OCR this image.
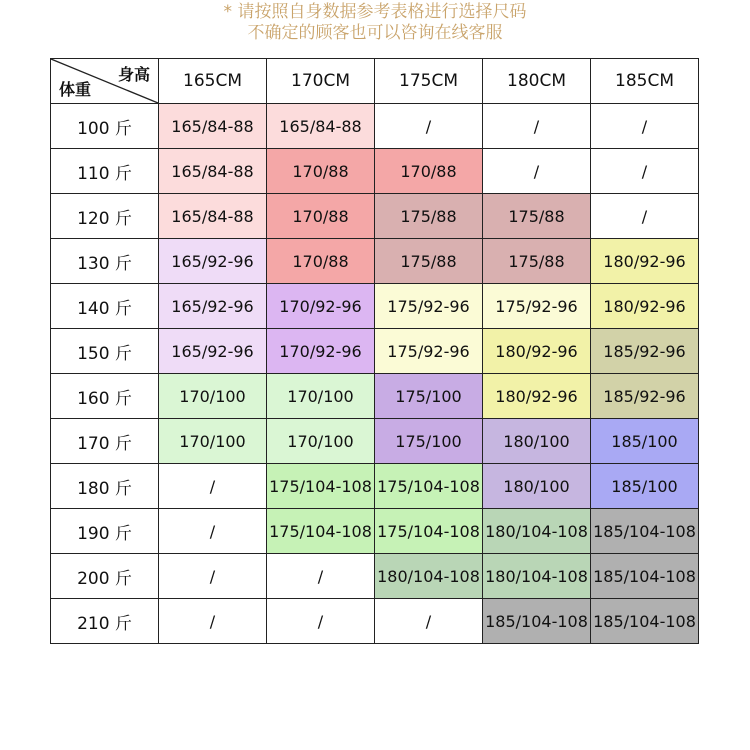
* 请按照自身数据参考表格进行选择尺码
不确定的顾客也可以咨询在线客服
身高
体重	165CM	170CM	175CM	180CM	185CM
100 斤	165/84-88	165/84-88	/	/	/
110 斤	165/84-88	170/88	170/88	/	/
120 斤	165/84-88	170/88	175/88	175/88	/
130 斤	165/92-96	170/88	175/88	175/88	180/92-96
140 斤	165/92-96	170/92-96	175/92-96	175/92-96	180/92-96
150 斤	165/92-96	170/92-96	175/92-96	180/92-96	185/92-96
160 斤	170/100	170/100	175/100	180/92-96	185/92-96
170 斤	170/100	170/100	175/100	180/100	185/100
180 斤	/	175/104-108	175/104-108	180/100	185/100
190 斤	/	175/104-108	175/104-108	180/104-108	185/104-108
200 斤	/	/	180/104-108	180/104-108	185/104-108
210 斤	/	/	/	185/104-108	185/104-108
